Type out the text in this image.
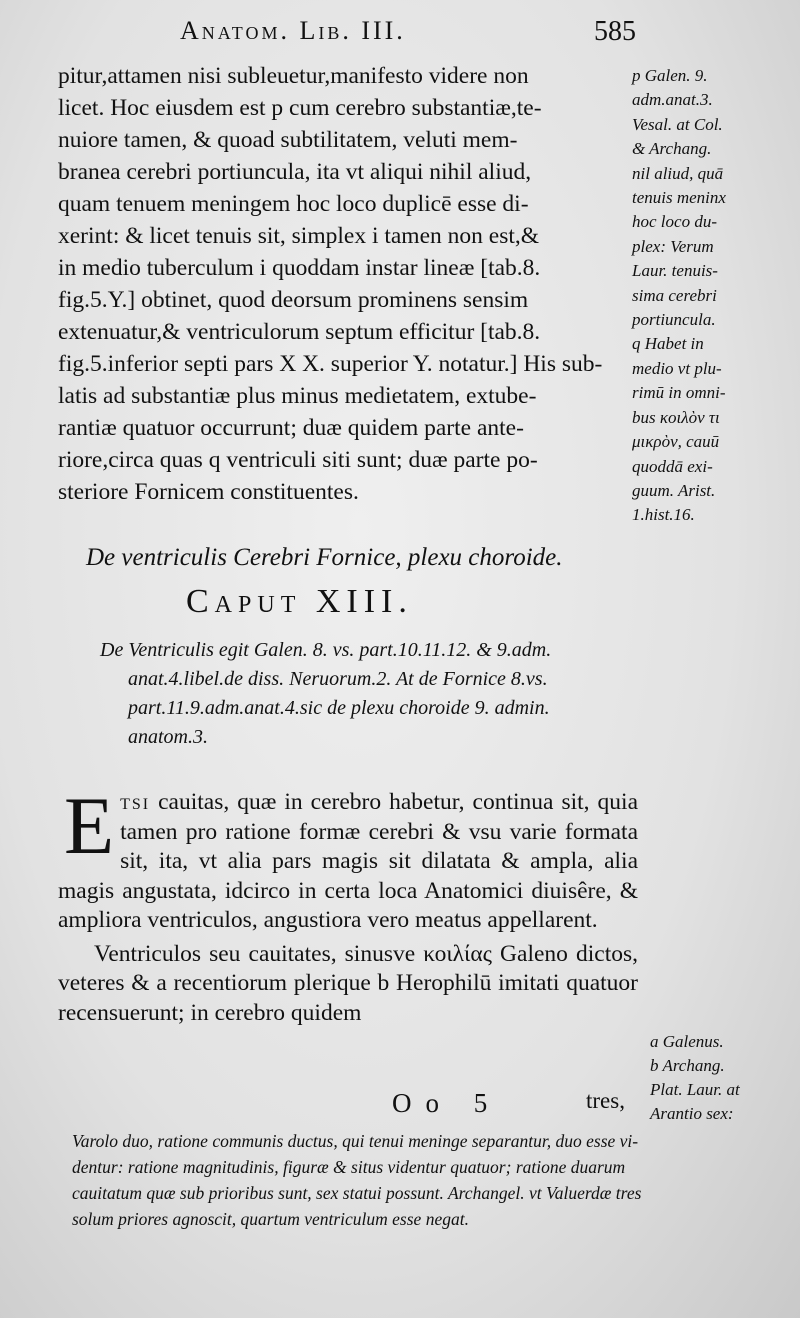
Anatom. Lib. III.	585

pitur,attamen nisi subleuetur,manifesto videre non

licet. Hoc eiusdem est p cum cerebro substantiæ,te-

nuiore tamen, & quoad subtilitatem, veluti mem-

branea cerebri portiuncula, ita vt aliqui nihil aliud,

quam tenuem meningem hoc loco duplicē esse di-

xerint: & licet tenuis sit, simplex i tamen non est,&

in medio tuberculum i quoddam instar lineæ [tab.8.

fig.5.Y.] obtinet, quod deorsum prominens sensim

extenuatur,& ventriculorum septum efficitur [tab.8.

fig.5.inferior septi pars X X. superior Y. notatur.] His sub-

latis ad substantiæ plus minus medietatem, extube-

rantiæ quatuor occurrunt; duæ quidem parte ante-

riore,circa quas q ventriculi siti sunt; duæ parte po-

steriore Fornicem constituentes.

De ventriculis Cerebri Fornice, plexu choroide.
Caput XIII.
De Ventriculis egit Galen. 8. vs. part.10.11.12. & 9.adm.
anat.4.libel.de diss. Neruorum.2. At de Fornice 8.vs.
part.11.9.adm.anat.4.sic de plexu choroide 9. admin.
anatom.3.

Etsi cauitas, quæ in cerebro habetur, continua sit, quia tamen pro ratione formæ cerebri & vsu varie formata sit, ita, vt alia pars magis sit dilatata & ampla, alia magis angustata, idcirco in certa loca Anatomici diuisêre, & ampliora ventriculos, angustiora vero meatus appellarent.

Ventriculos seu cauitates, sinusve κοιλίας Galeno dictos, veteres & a recentiorum plerique b Herophilū imitati quatuor recensuerunt; in cerebro quidem

Oo 5	tres,
p Galen. 9.
adm.anat.3.
Vesal. at Col.
& Archang.
nil aliud, quā
tenuis meninx
hoc loco du-
plex: Verum
Laur. tenuis-
sima cerebri
portiuncula.
q Habet in
medio vt plu-
rimū in omni-
bus κοιλὸν τι
μικρὸν, cauū
quoddā exi-
guum. Arist.
1.hist.16.
a Galenus.
b Archang.
Plat. Laur. at
Arantio sex:
Varolo duo, ratione communis ductus, qui tenui meninge separantur, duo esse vi-
dentur: ratione magnitudinis, figuræ & situs videntur quatuor; ratione duarum
cauitatum quæ sub prioribus sunt, sex statui possunt. Archangel. vt Valuerdæ tres
solum priores agnoscit, quartum ventriculum esse negat.
